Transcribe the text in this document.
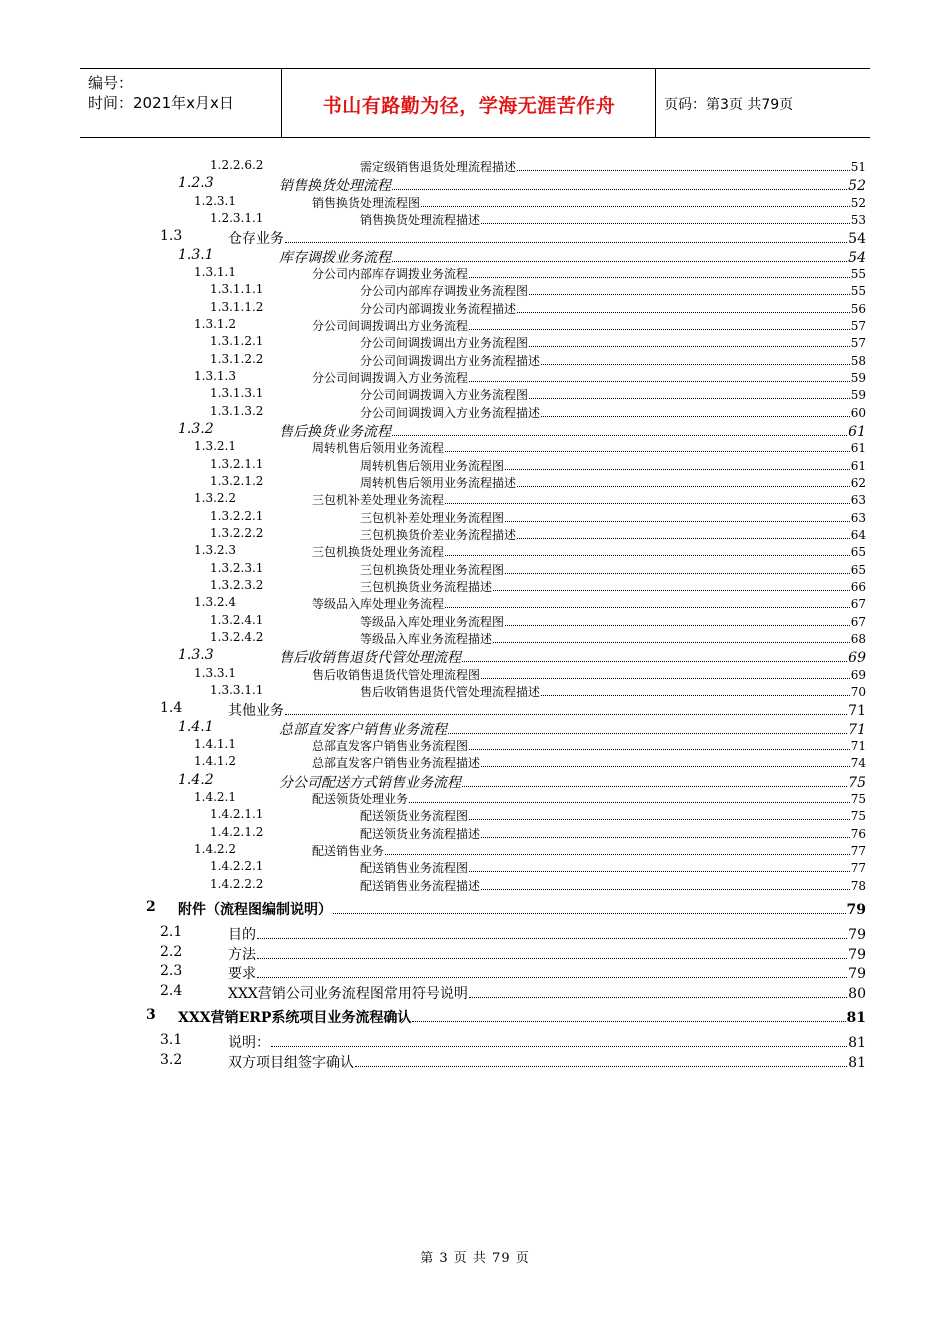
编号：
时间：2021年x月x日	书山有路勤为径，学海无涯苦作舟	页码：第3页 共79页
1.2.2.6.2	需定级销售退货处理流程描述	51
1.2.3	销售换货处理流程	52
1.2.3.1	销售换货处理流程图	52
1.2.3.1.1	销售换货处理流程描述	53
1.3	仓存业务	54
1.3.1	库存调拨业务流程	54
1.3.1.1	分公司内部库存调拨业务流程	55
1.3.1.1.1	分公司内部库存调拨业务流程图	55
1.3.1.1.2	分公司内部调拨业务流程描述	56
1.3.1.2	分公司间调拨调出方业务流程	57
1.3.1.2.1	分公司间调拨调出方业务流程图	57
1.3.1.2.2	分公司间调拨调出方业务流程描述	58
1.3.1.3	分公司间调拨调入方业务流程	59
1.3.1.3.1	分公司间调拨调入方业务流程图	59
1.3.1.3.2	分公司间调拨调入方业务流程描述	60
1.3.2	售后换货业务流程	61
1.3.2.1	周转机售后领用业务流程	61
1.3.2.1.1	周转机售后领用业务流程图	61
1.3.2.1.2	周转机售后领用业务流程描述	62
1.3.2.2	三包机补差处理业务流程	63
1.3.2.2.1	三包机补差处理业务流程图	63
1.3.2.2.2	三包机换货价差业务流程描述	64
1.3.2.3	三包机换货处理业务流程	65
1.3.2.3.1	三包机换货处理业务流程图	65
1.3.2.3.2	三包机换货业务流程描述	66
1.3.2.4	等级品入库处理业务流程	67
1.3.2.4.1	等级品入库处理业务流程图	67
1.3.2.4.2	等级品入库业务流程描述	68
1.3.3	售后收销售退货代管处理流程	69
1.3.3.1	售后收销售退货代管处理流程图	69
1.3.3.1.1	售后收销售退货代管处理流程描述	70
1.4	其他业务	71
1.4.1	总部直发客户销售业务流程	71
1.4.1.1	总部直发客户销售业务流程图	71
1.4.1.2	总部直发客户销售业务流程描述	74
1.4.2	分公司配送方式销售业务流程	75
1.4.2.1	配送领货处理业务	75
1.4.2.1.1	配送领货业务流程图	75
1.4.2.1.2	配送领货业务流程描述	76
1.4.2.2	配送销售业务	77
1.4.2.2.1	配送销售业务流程图	77
1.4.2.2.2	配送销售业务流程描述	78
2 附件（流程图编制说明）	79
2.1	目的	79
2.2	方法	79
2.3	要求	79
2.4	XXX营销公司业务流程图常用符号说明	80
3 XXX营销ERP系统项目业务流程确认	81
3.1	说明：	81
3.2	双方项目组签字确认	81
第 3 页 共 79 页
